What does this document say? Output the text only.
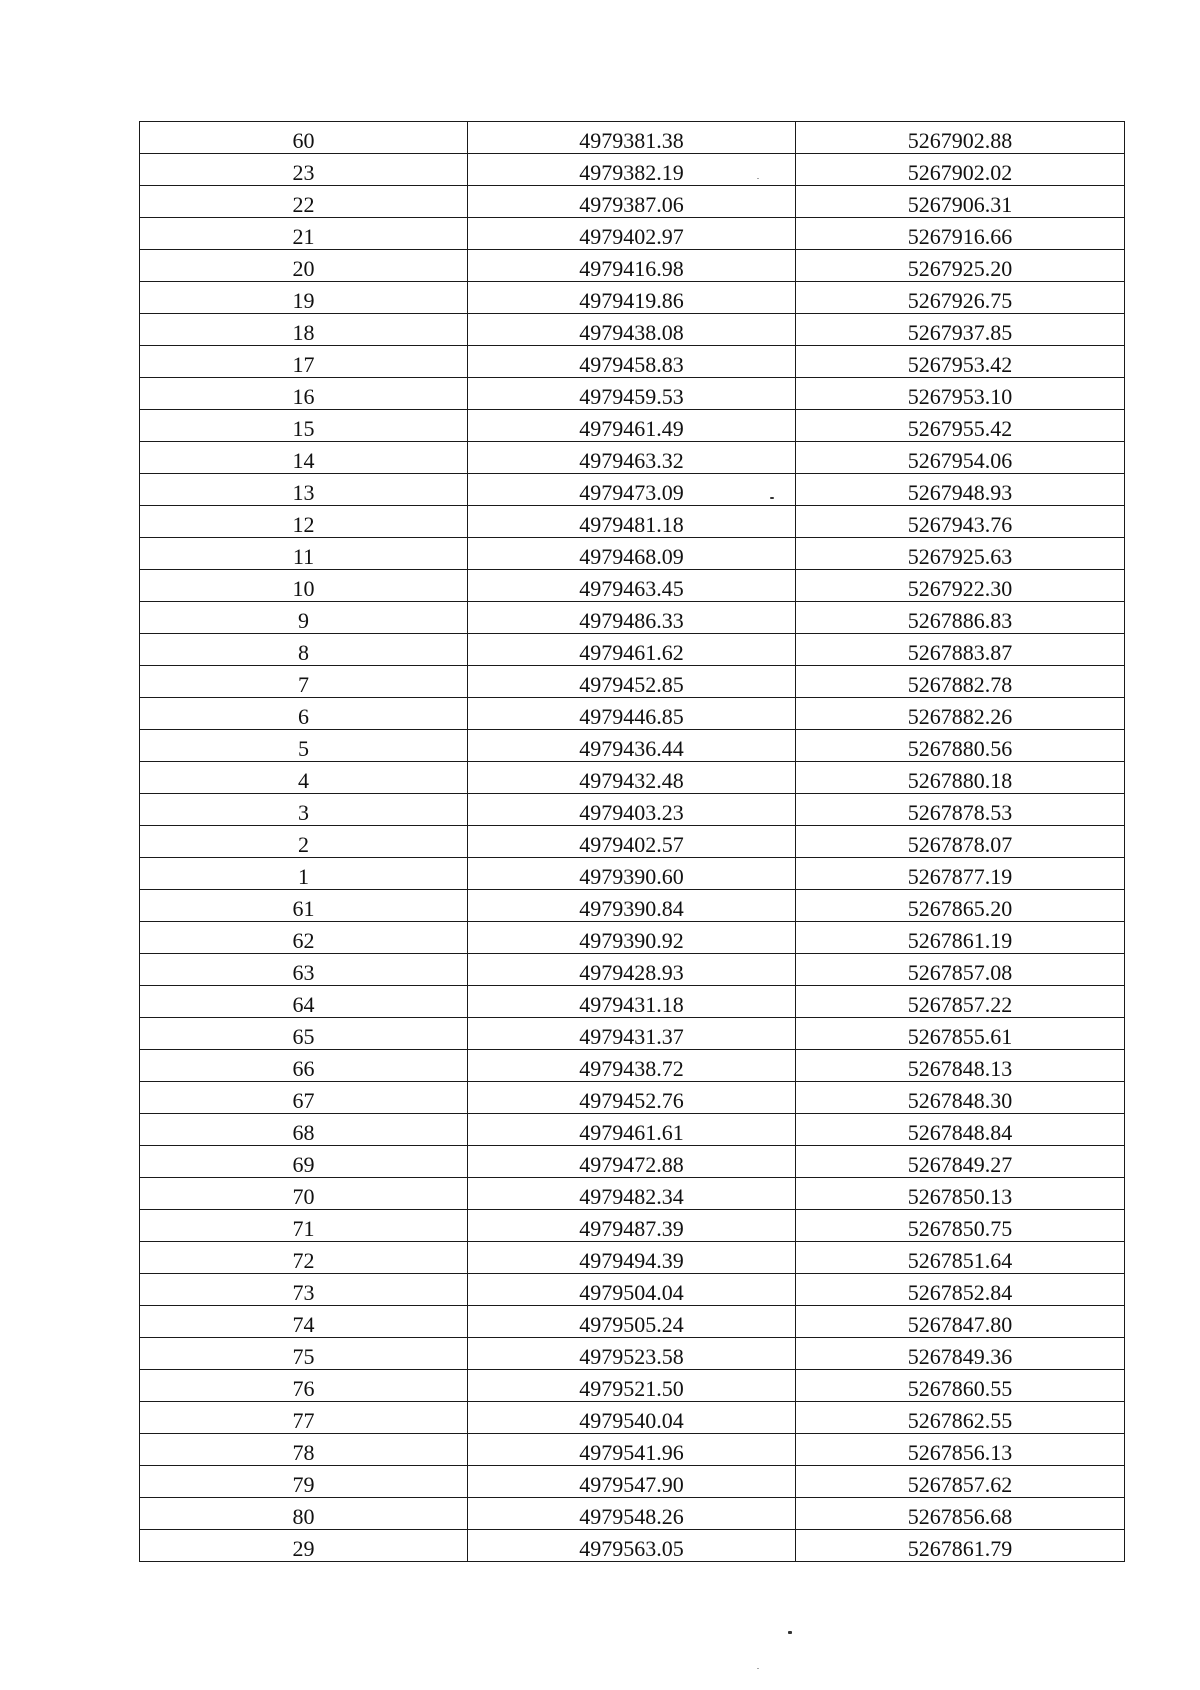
60	4979381.38	5267902.88
23	4979382.19	5267902.02
22	4979387.06	5267906.31
21	4979402.97	5267916.66
20	4979416.98	5267925.20
19	4979419.86	5267926.75
18	4979438.08	5267937.85
17	4979458.83	5267953.42
16	4979459.53	5267953.10
15	4979461.49	5267955.42
14	4979463.32	5267954.06
13	4979473.09	5267948.93
12	4979481.18	5267943.76
11	4979468.09	5267925.63
10	4979463.45	5267922.30
9	4979486.33	5267886.83
8	4979461.62	5267883.87
7	4979452.85	5267882.78
6	4979446.85	5267882.26
5	4979436.44	5267880.56
4	4979432.48	5267880.18
3	4979403.23	5267878.53
2	4979402.57	5267878.07
1	4979390.60	5267877.19
61	4979390.84	5267865.20
62	4979390.92	5267861.19
63	4979428.93	5267857.08
64	4979431.18	5267857.22
65	4979431.37	5267855.61
66	4979438.72	5267848.13
67	4979452.76	5267848.30
68	4979461.61	5267848.84
69	4979472.88	5267849.27
70	4979482.34	5267850.13
71	4979487.39	5267850.75
72	4979494.39	5267851.64
73	4979504.04	5267852.84
74	4979505.24	5267847.80
75	4979523.58	5267849.36
76	4979521.50	5267860.55
77	4979540.04	5267862.55
78	4979541.96	5267856.13
79	4979547.90	5267857.62
80	4979548.26	5267856.68
29	4979563.05	5267861.79
